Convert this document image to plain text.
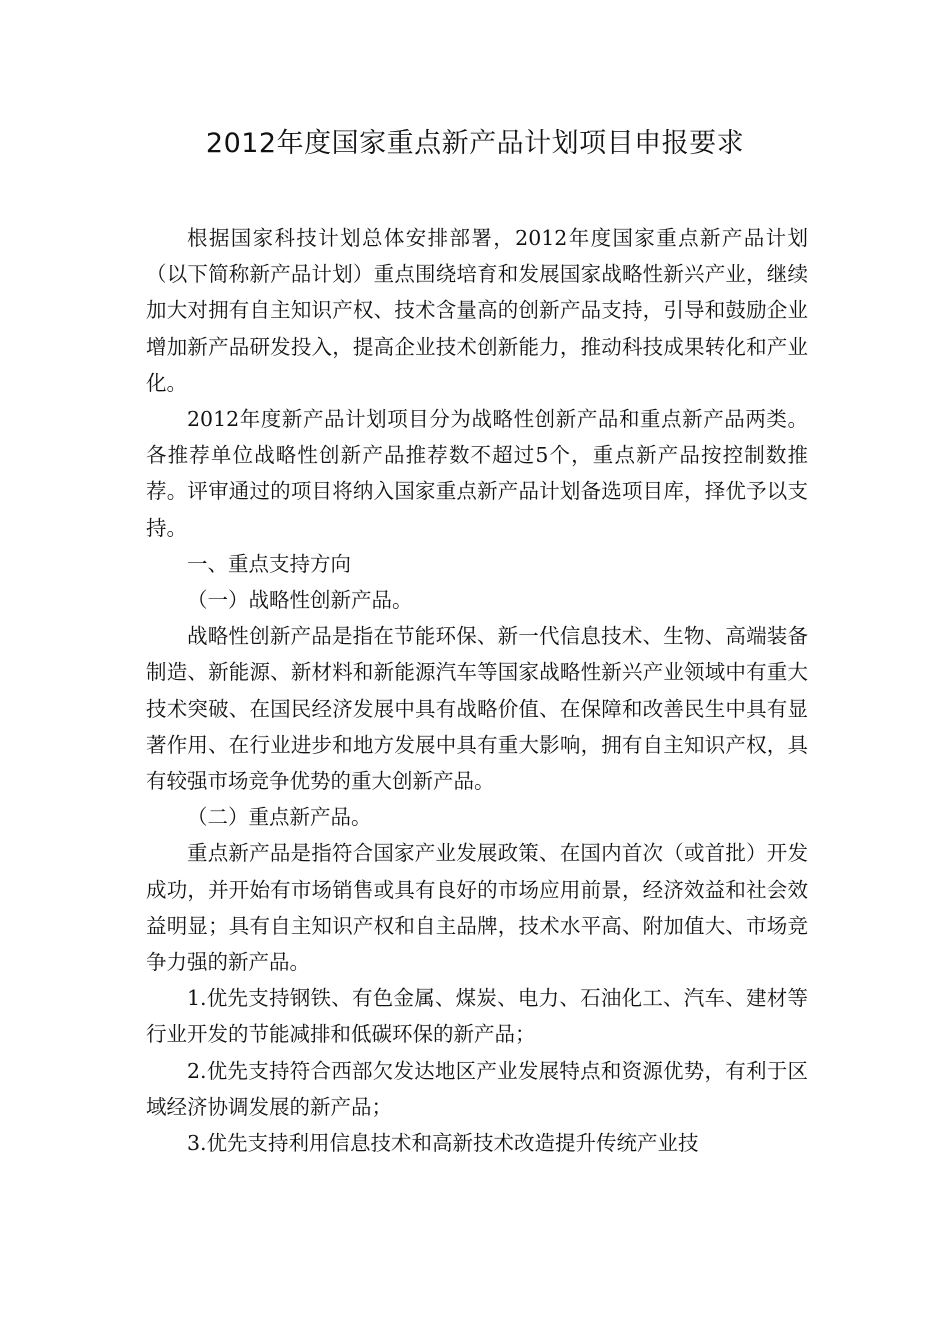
2012年度国家重点新产品计划项目申报要求

根据国家科技计划总体安排部署，2012年度国家重点新产品计划（以下简称新产品计划）重点围绕培育和发展国家战略性新兴产业，继续加大对拥有自主知识产权、技术含量高的创新产品支持，引导和鼓励企业增加新产品研发投入，提高企业技术创新能力，推动科技成果转化和产业化。

2012年度新产品计划项目分为战略性创新产品和重点新产品两类。各推荐单位战略性创新产品推荐数不超过5个，重点新产品按控制数推荐。评审通过的项目将纳入国家重点新产品计划备选项目库，择优予以支持。

一、重点支持方向

（一）战略性创新产品。

战略性创新产品是指在节能环保、新一代信息技术、生物、高端装备制造、新能源、新材料和新能源汽车等国家战略性新兴产业领域中有重大技术突破、在国民经济发展中具有战略价值、在保障和改善民生中具有显著作用、在行业进步和地方发展中具有重大影响，拥有自主知识产权，具有较强市场竞争优势的重大创新产品。

（二）重点新产品。

重点新产品是指符合国家产业发展政策、在国内首次（或首批）开发成功，并开始有市场销售或具有良好的市场应用前景，经济效益和社会效益明显；具有自主知识产权和自主品牌，技术水平高、附加值大、市场竞争力强的新产品。

1.优先支持钢铁、有色金属、煤炭、电力、石油化工、汽车、建材等行业开发的节能减排和低碳环保的新产品；

2.优先支持符合西部欠发达地区产业发展特点和资源优势，有利于区域经济协调发展的新产品；

3.优先支持利用信息技术和高新技术改造提升传统产业技
